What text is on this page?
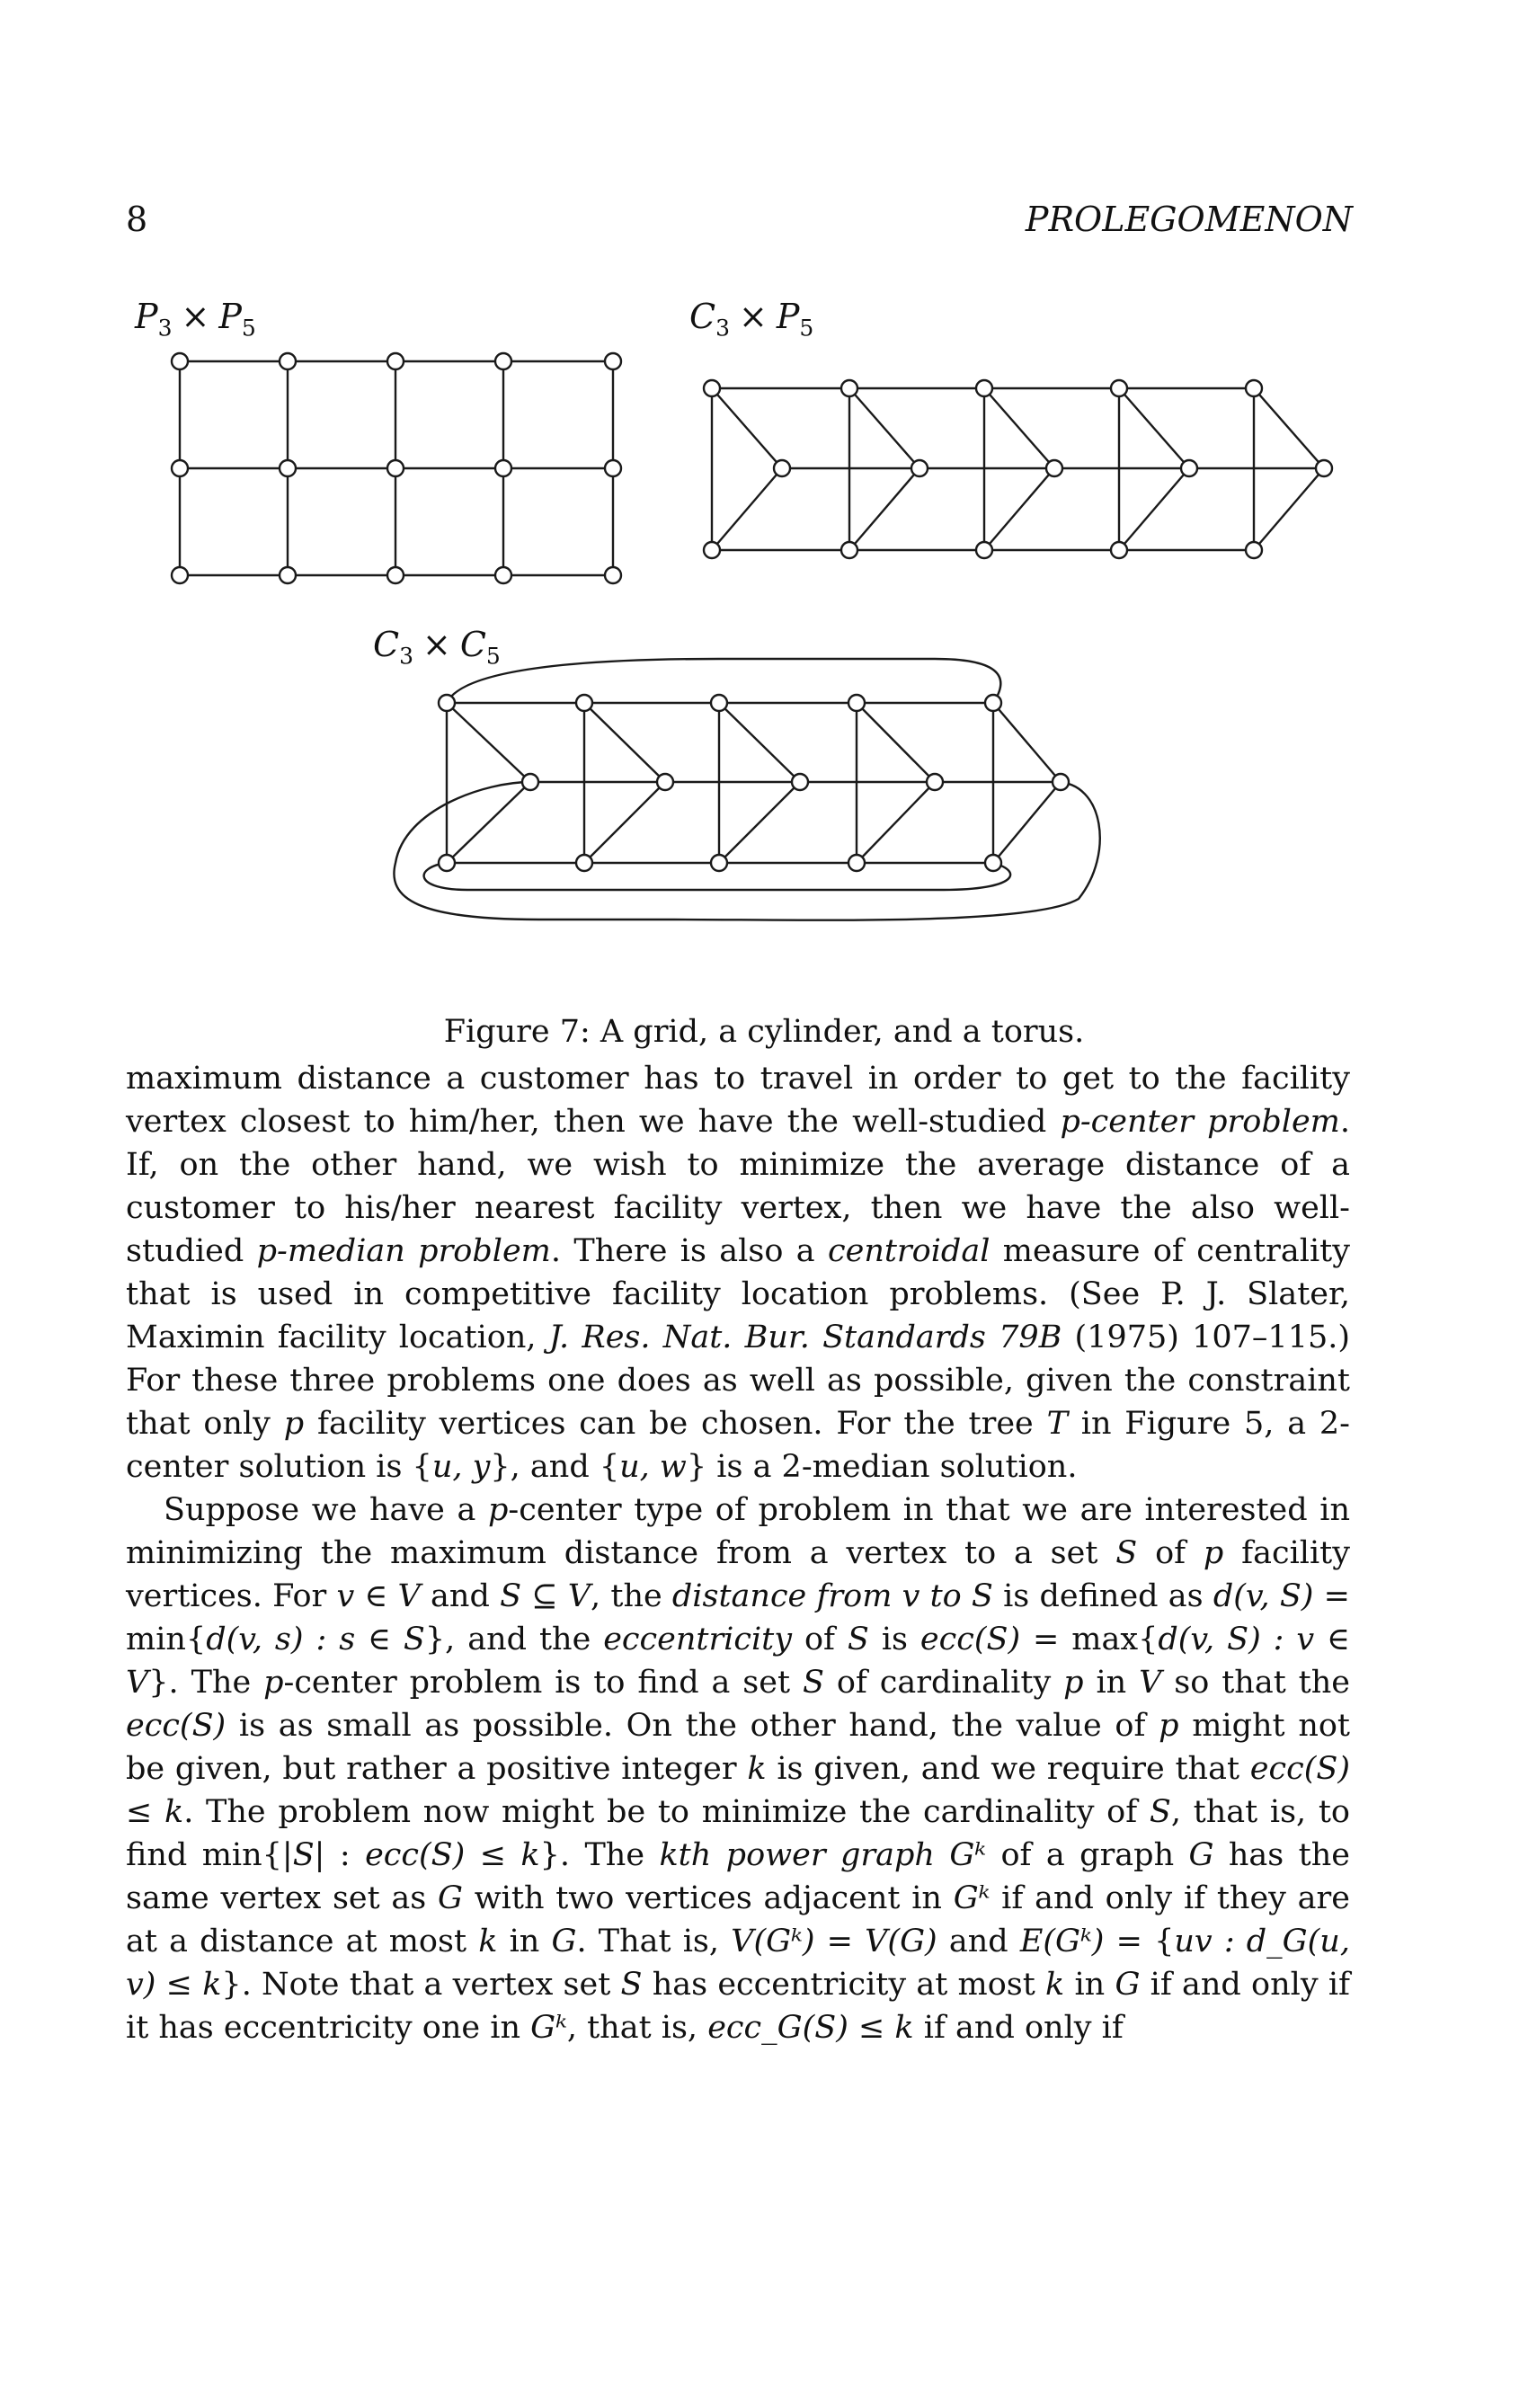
8	PROLEGOMENON
$P_3 \times P_5$	$C_3 \times P_5$
$C_3 \times C_5$
Figure 7: A grid, a cylinder, and a torus.

maximum distance a customer has to travel in order to get to the facility vertex closest to him/her, then we have the well-studied p-center problem. If, on the other hand, we wish to minimize the average distance of a customer to his/her nearest facility vertex, then we have the also well-studied p-median problem. There is also a centroidal measure of centrality that is used in competitive facility location problems. (See P. J. Slater, Maximin facility location, J. Res. Nat. Bur. Standards 79B (1975) 107–115.) For these three problems one does as well as possible, given the constraint that only p facility vertices can be chosen. For the tree T in Figure 5, a 2-center solution is {u, y}, and {u, w} is a 2-median solution.

Suppose we have a p-center type of problem in that we are interested in minimizing the maximum distance from a vertex to a set S of p facility vertices. For v ∈ V and S ⊆ V, the distance from v to S is defined as d(v, S) = min{d(v, s) : s ∈ S}, and the eccentricity of S is ecc(S) = max{d(v, S) : v ∈ V}. The p-center problem is to find a set S of cardinality p in V so that the ecc(S) is as small as possible. On the other hand, the value of p might not be given, but rather a positive integer k is given, and we require that ecc(S) ≤ k. The problem now might be to minimize the cardinality of S, that is, to find min{|S| : ecc(S) ≤ k}. The kth power graph Gᵏ of a graph G has the same vertex set as G with two vertices adjacent in Gᵏ if and only if they are at a distance at most k in G. That is, V(Gᵏ) = V(G) and E(Gᵏ) = {uv : d_G(u, v) ≤ k}. Note that a vertex set S has eccentricity at most k in G if and only if it has eccentricity one in Gᵏ, that is, ecc_G(S) ≤ k if and only if
